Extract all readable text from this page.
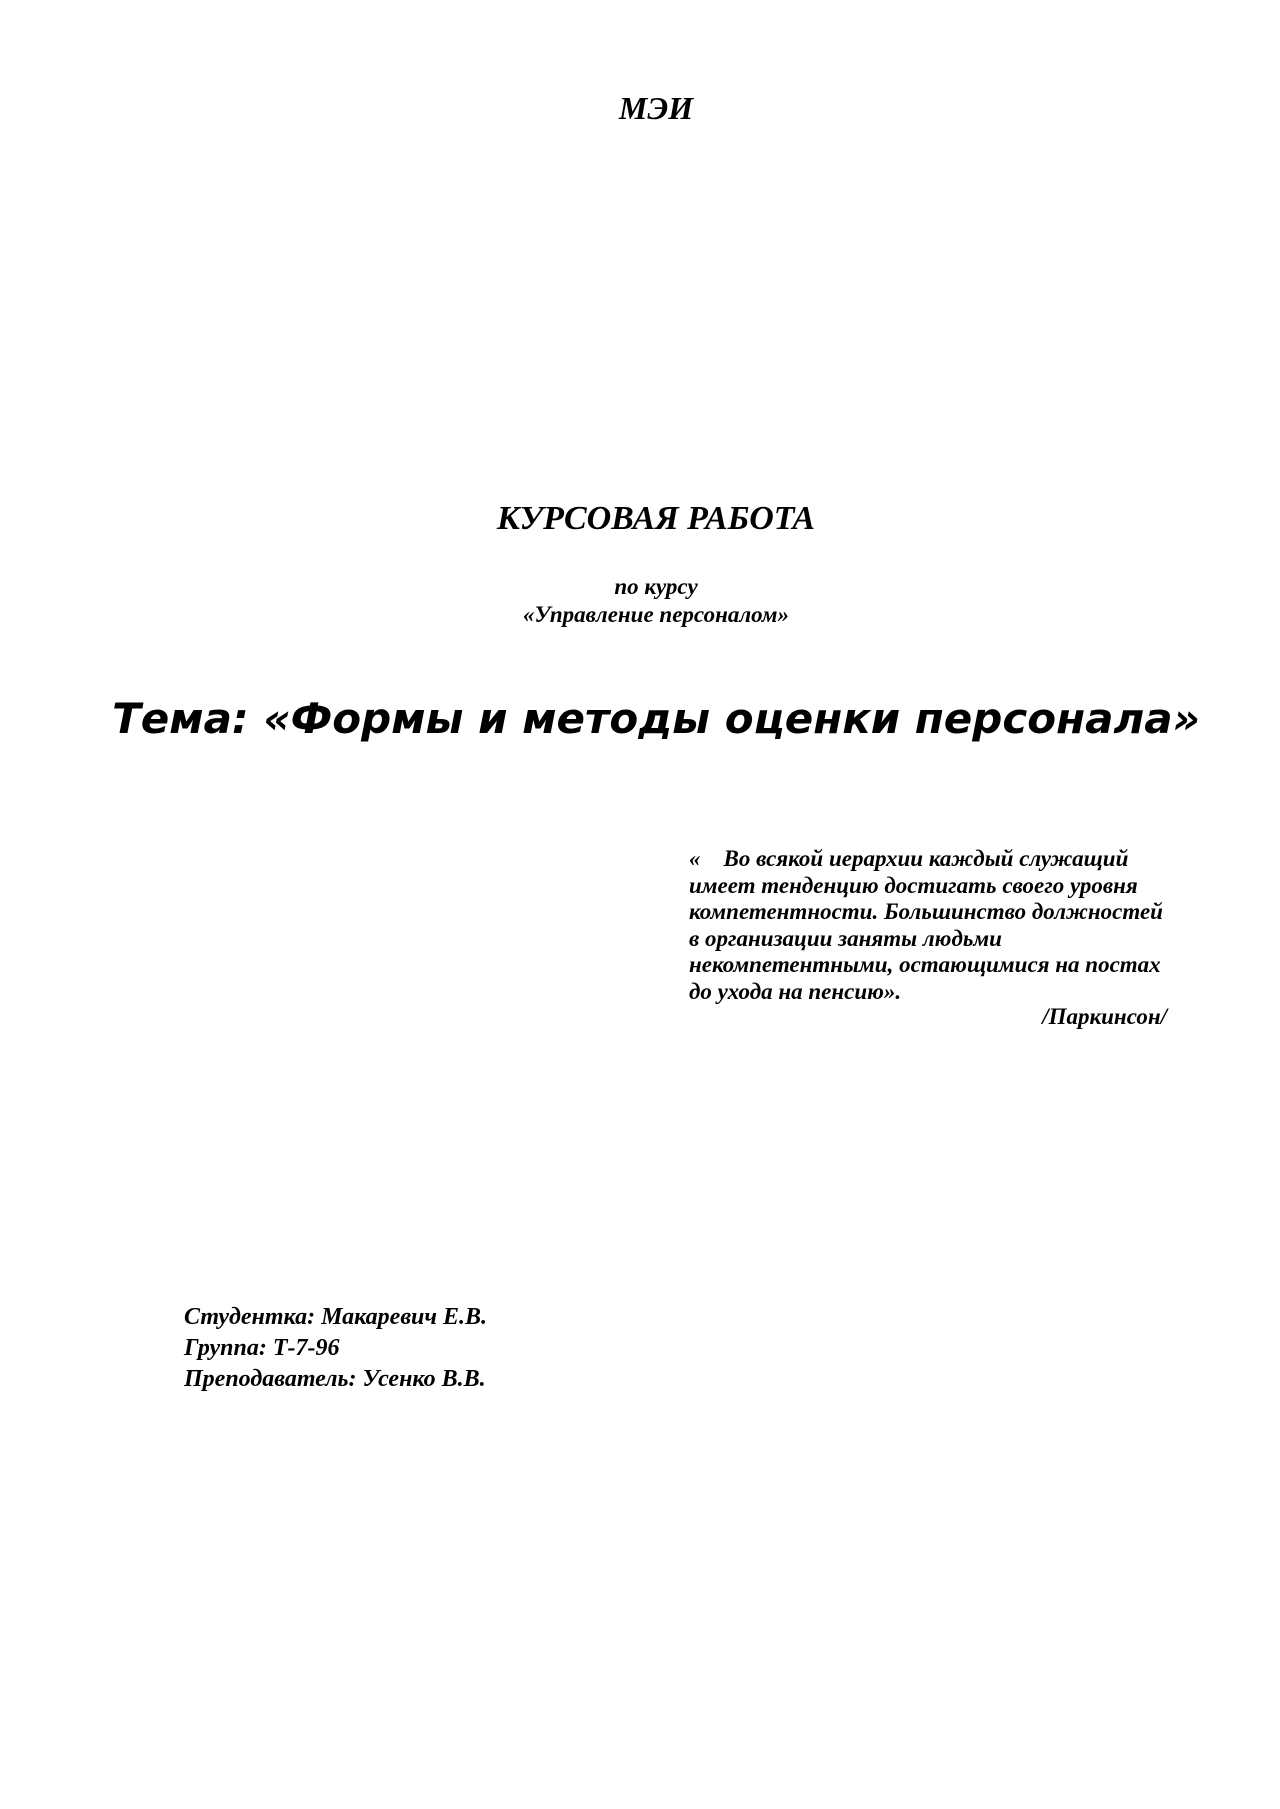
МЭИ
КУРСОВАЯ РАБОТА
по курсу
«Управление персоналом»
Тема: «Формы и методы оценки персонала»
«    Во всякой иерархии каждый служащий
имеет тенденцию достигать своего уровня
компетентности. Большинство должностей
в организации заняты людьми
некомпетентными, остающимися на постах
до ухода на пенсию».
/Паркинсон/
Студентка: Макаревич Е.В.
Группа: Т-7-96
Преподаватель: Усенко В.В.
